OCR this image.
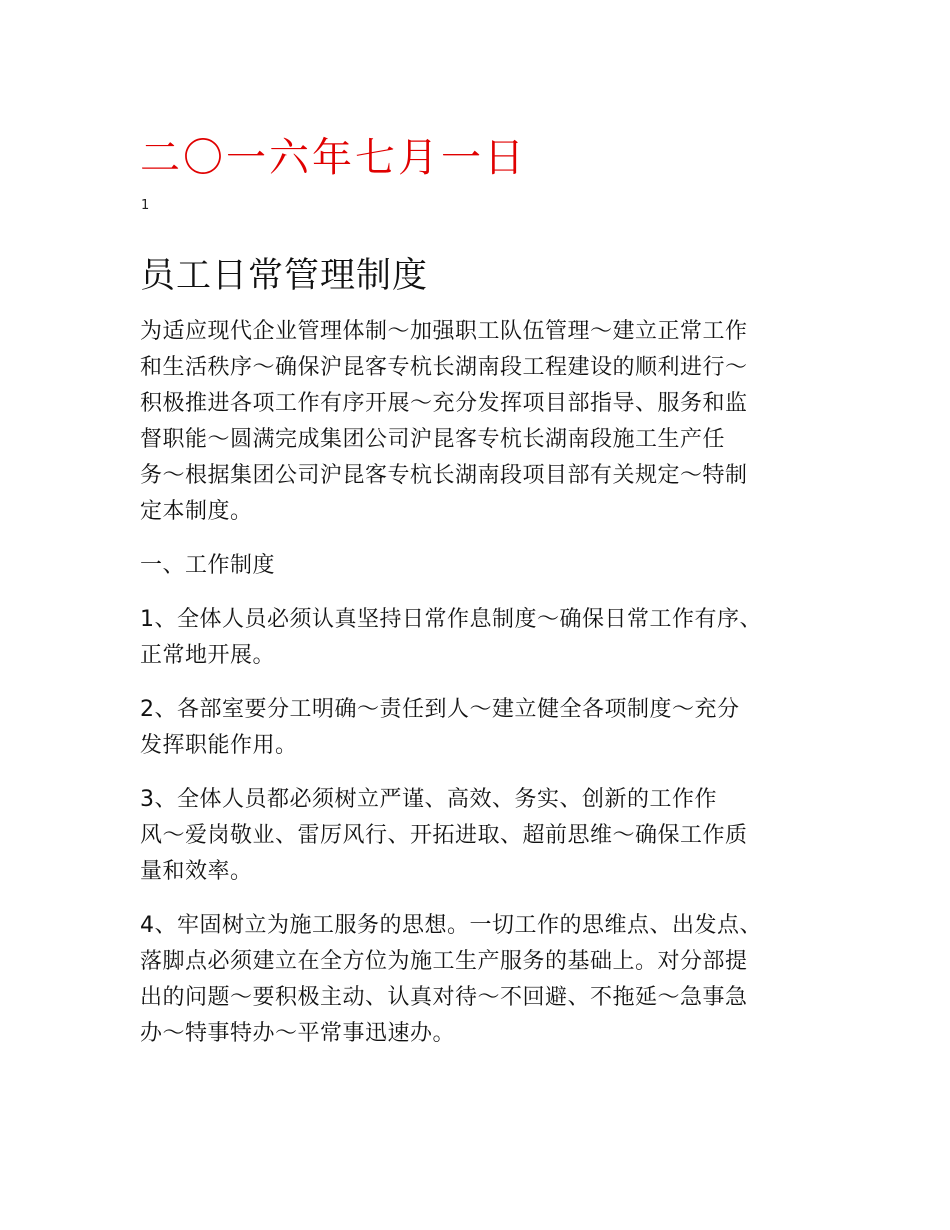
二〇一六年七月一日
1
员工日常管理制度

为适应现代企业管理体制～加强职工队伍管理～建立正常工作
和生活秩序～确保沪昆客专杭长湖南段工程建设的顺利进行～
积极推进各项工作有序开展～充分发挥项目部指导、服务和监
督职能～圆满完成集团公司沪昆客专杭长湖南段施工生产任
务～根据集团公司沪昆客专杭长湖南段项目部有关规定～特制
定本制度。

一、工作制度

1、全体人员必须认真坚持日常作息制度～确保日常工作有序、
正常地开展。

2、各部室要分工明确～责任到人～建立健全各项制度～充分
发挥职能作用。

3、全体人员都必须树立严谨、高效、务实、创新的工作作
风～爱岗敬业、雷厉风行、开拓进取、超前思维～确保工作质
量和效率。

4、牢固树立为施工服务的思想。一切工作的思维点、出发点、
落脚点必须建立在全方位为施工生产服务的基础上。对分部提
出的问题～要积极主动、认真对待～不回避、不拖延～急事急
办～特事特办～平常事迅速办。
